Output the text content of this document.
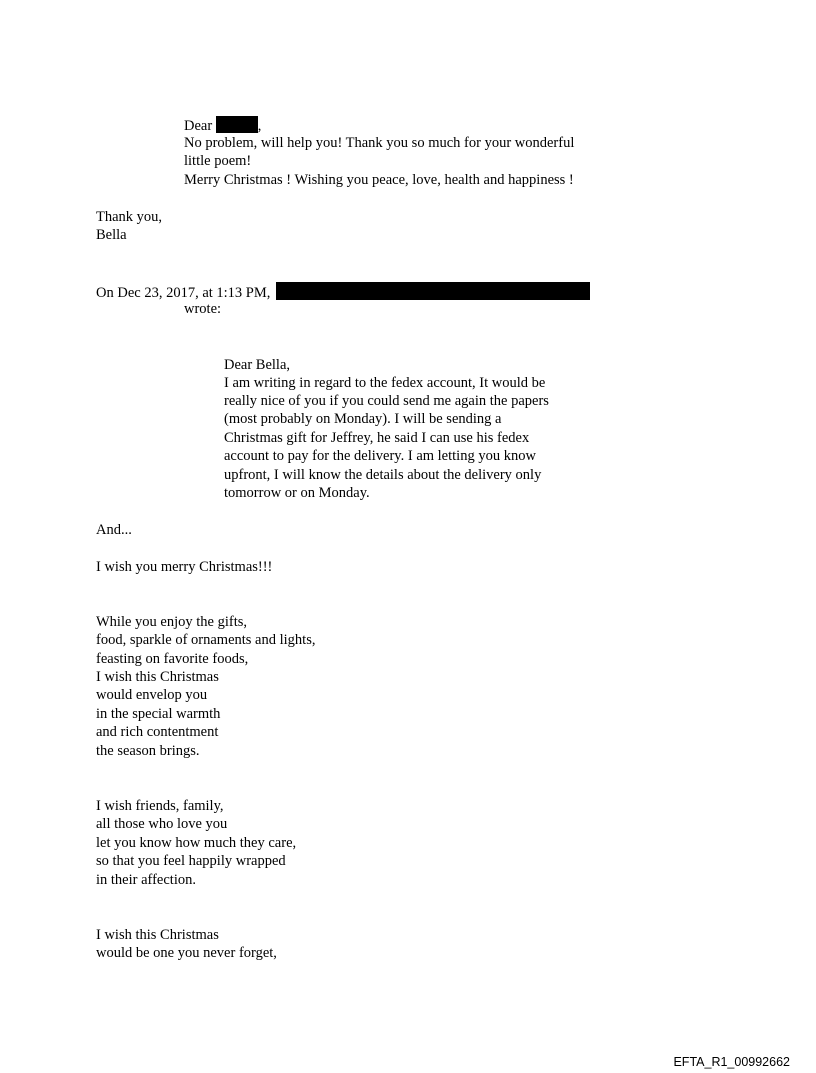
Dear	,
No problem, will help you! Thank you so much for your wonderful
little poem!
Merry Christmas ! Wishing you peace, love, health and happiness !
Thank you,
Bella
On Dec 23, 2017, at 1:13 PM,
wrote:
Dear Bella,
I am writing in regard to the fedex account, It would be
really nice of you if you could send me again the papers
(most probably on Monday). I will be sending a
Christmas gift for Jeffrey, he said I can use his fedex
account to pay for the delivery. I am letting you know
upfront, I will know the details about the delivery only
tomorrow or on Monday.
And...
I wish you merry Christmas!!!
While you enjoy the gifts,
food, sparkle of ornaments and lights,
feasting on favorite foods,
I wish this Christmas
would envelop you
in the special warmth
and rich contentment
the season brings.
I wish friends, family,
all those who love you
let you know how much they care,
so that you feel happily wrapped
in their affection.
I wish this Christmas
would be one you never forget,
EFTA_R1_00992662
